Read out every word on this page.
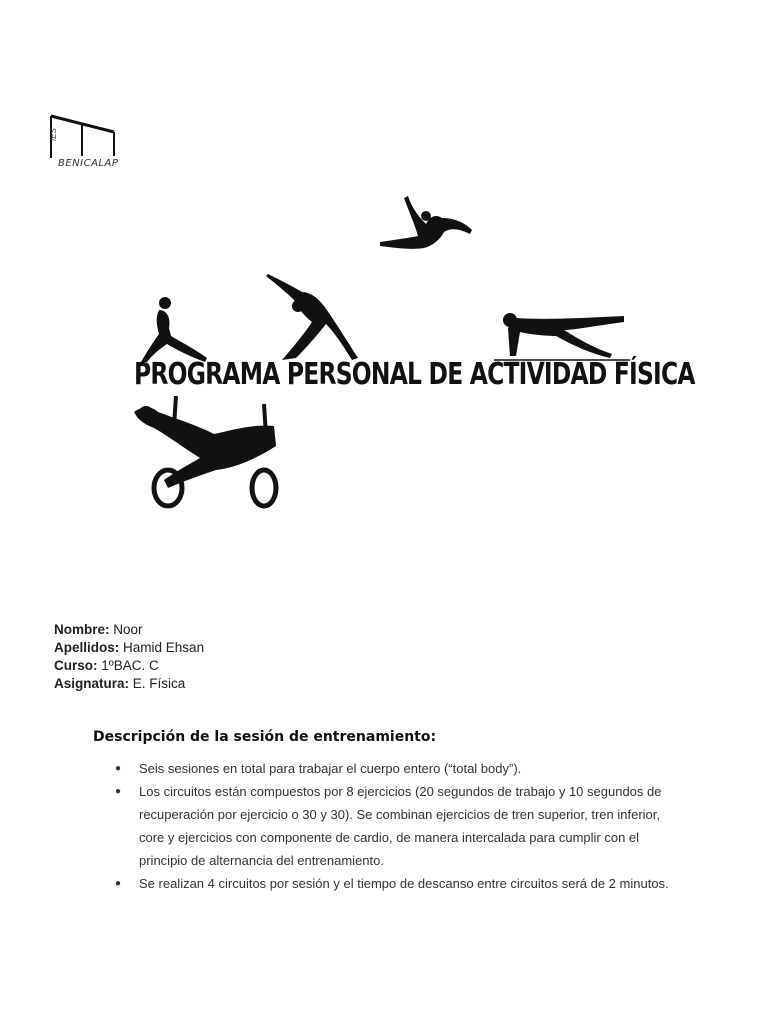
IES
BENICALAP
PROGRAMA PERSONAL DE ACTIVIDAD FÍSICA
Nombre: Noor
Apellidos: Hamid Ehsan
Curso: 1ºBAC. C
Asignatura: E. Física
Descripción de la sesión de entrenamiento:
● Seis sesiones en total para trabajar el cuerpo entero (“total body”).
● Los circuitos están compuestos por 8 ejercicios (20 segundos de trabajo y 10 segundos de recuperación por ejercicio o 30 y 30). Se combinan ejercicios de tren superior, tren inferior, core y ejercicios con componente de cardio, de manera intercalada para cumplir con el principio de alternancia del entrenamiento.
● Se realizan 4 circuitos por sesión y el tiempo de descanso entre circuitos será de 2 minutos.
